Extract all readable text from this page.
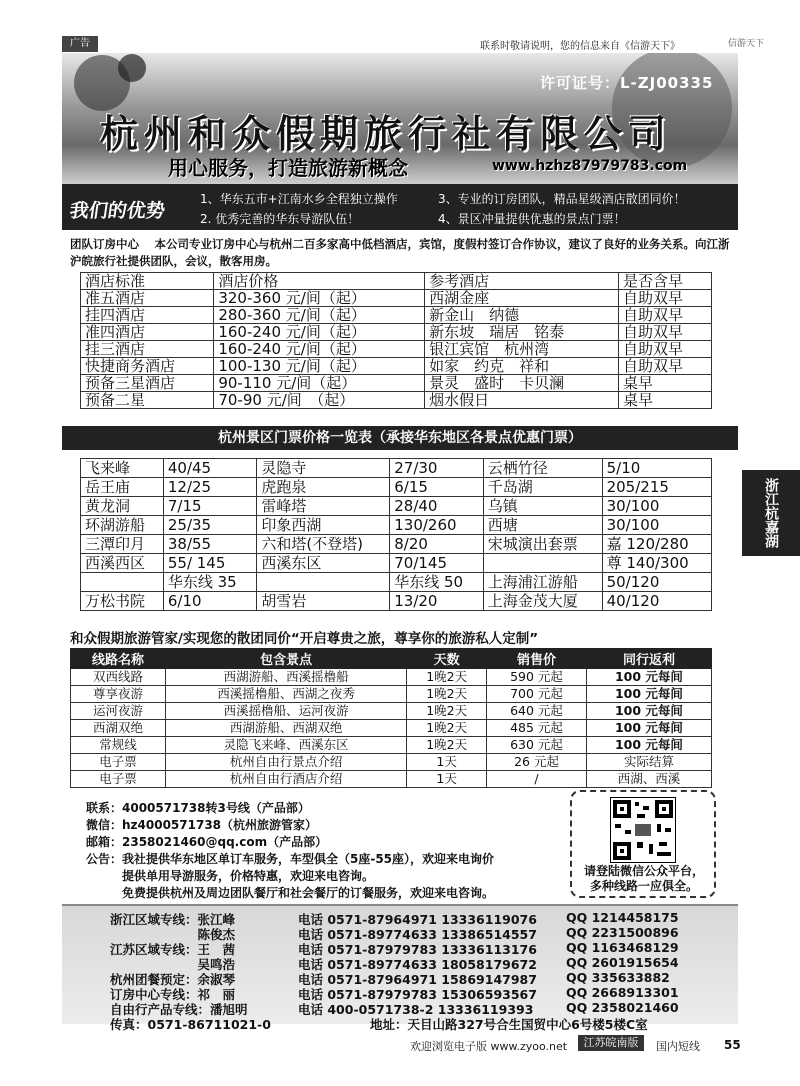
广告	联系时敬请说明，您的信息来自《信游天下》	信游天下
许可证号：L-ZJ00335
杭州和众假期旅行社有限公司
用心服务，打造旅游新概念	www.hzhz87979783.com
我们的优势
1、华东五市+江南水乡全程独立操作	3、专业的订房团队，精品星级酒店散团同价！
2. 优秀完善的华东导游队伍！	4、景区冲量提供优惠的景点门票！
团队订房中心　 本公司专业订房中心与杭州二百多家高中低档酒店，宾馆，度假村签订合作协议，建议了良好的业务关系。向江浙沪皖旅行社提供团队，会议，散客用房。
酒店标准	酒店价格	参考酒店	是否含早
准五酒店	320-360 元/间（起）	西湖金座	自助双早
挂四酒店	280-360 元/间（起）	新金山　纳德	自助双早
准四酒店	160-240 元/间（起）	新东坡　瑞居　铭泰	自助双早
挂三酒店	160-240 元/间（起）	银江宾馆　杭州湾	自助双早
快捷商务酒店	100-130 元/间（起）	如家　约克　祥和	自助双早
预备三星酒店	90-110 元/间（起）	景灵　盛时　卡贝澜	桌早
预备二星	70-90 元/间　（起）	烟水假日	桌早
杭州景区门票价格一览表（承接华东地区各景点优惠门票）
飞来峰	40/45	灵隐寺	27/30	云栖竹径	5/10
岳王庙	12/25	虎跑泉	6/15	千岛湖	205/215
黄龙洞	7/15	雷峰塔	28/40	乌镇	30/100
环湖游船	25/35	印象西湖	130/260	西塘	30/100
三潭印月	38/55	六和塔(不登塔)	8/20	宋城演出套票	嘉 120/280
西溪西区	55/ 145	西溪东区	70/145		尊 140/300
	华东线 35		华东线 50	上海浦江游船	50/120
万松书院	6/10	胡雪岩	13/20	上海金茂大厦	40/120
和众假期旅游管家/实现您的散团同价“开启尊贵之旅，尊享你的旅游私人定制”
线路名称	包含景点	天数	销售价	同行返利
双西线路	西湖游船、西溪摇橹船	1晚2天	590 元起	100 元每间
尊享夜游	西溪摇橹船、西湖之夜秀	1晚2天	700 元起	100 元每间
运河夜游	西溪摇橹船、运河夜游	1晚2天	640 元起	100 元每间
西湖双绝	西湖游船、西湖双绝	1晚2天	485 元起	100 元每间
常规线	灵隐飞来峰、西溪东区	1晚2天	630 元起	100 元每间
电子票	杭州自由行景点介绍	1天	26 元起	实际结算
电子票	杭州自由行酒店介绍	1天	/	西湖、西溪
联系：4000571738转3号线（产品部）
微信：hz4000571738（杭州旅游管家）
邮箱：2358021460@qq.com（产品部）
公告：我社提供华东地区单订车服务，车型俱全（5座-55座），欢迎来电询价
　　　提供单用导游服务，价格特惠，欢迎来电咨询。
　　　免费提供杭州及周边团队餐厅和社会餐厅的订餐服务，欢迎来电咨询。
请登陆微信公众平台，
多种线路一应俱全。
浙江区域专线：张江峰	电话 0571-87964971 13336119076 QQ 1214458175
　　　　　　　陈俊杰	电话 0571-89774633 13386514557 QQ 2231500896
江苏区域专线：王　茜	电话 0571-87979783 13336113176 QQ 1163468129
　　　　　　　吴鸣浩	电话 0571-89774633 18058179672 QQ 2601915654
杭州团餐预定：余淑琴	电话 0571-87964971 15869147987 QQ 335633882
订房中心专线：祁　丽	电话 0571-87979783 15306593567 QQ 2668913301
自由行产品专线：潘旭明	电话 400-0571738-2 13336119393	QQ 2358021460
传真：0571-86711021-0	地址：天目山路327号合生国贸中心6号楼5楼C室
欢迎浏览电子版 www.zyoo.net	江苏皖南版	国内短线 55
浙江杭嘉湖
